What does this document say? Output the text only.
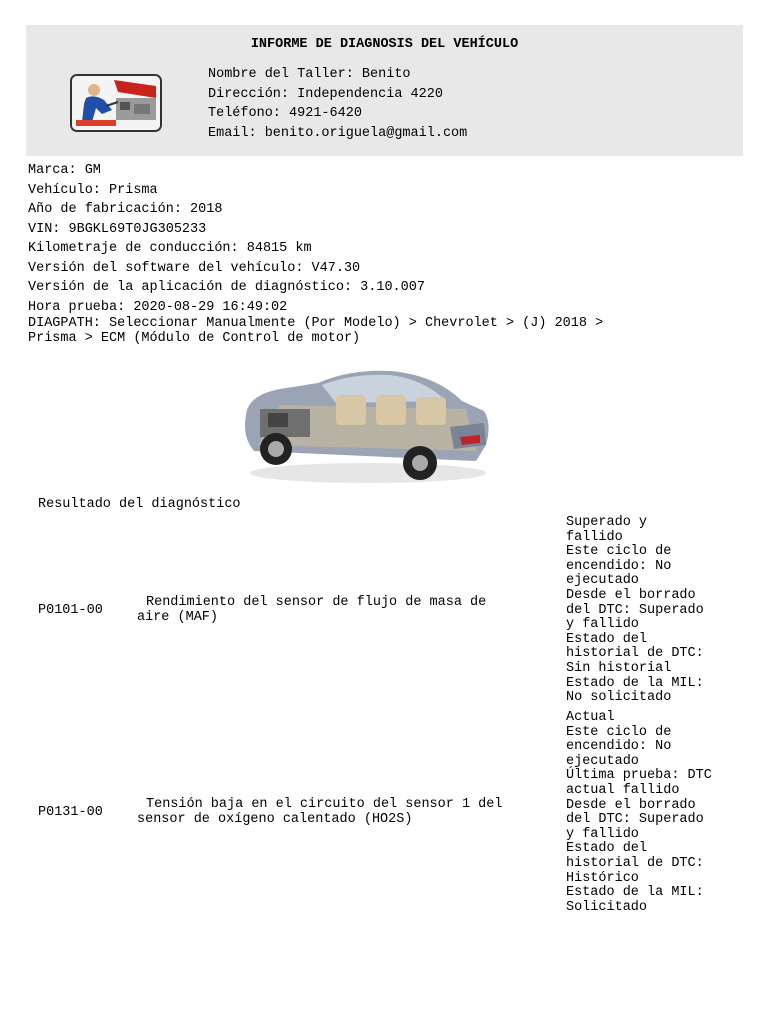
INFORME DE DIAGNOSIS DEL VEHÍCULO
Nombre del Taller: Benito
Dirección: Independencia 4220
Teléfono: 4921-6420
Email: benito.origuela@gmail.com
Marca: GM
Vehículo: Prisma
Año de fabricación: 2018
VIN: 9BGKL69T0JG305233
Kilometraje de conducción: 84815 km
Versión del software del vehículo: V47.30
Versión de la aplicación de diagnóstico: 3.10.007
Hora prueba: 2020-08-29 16:49:02
DIAGPATH: Seleccionar Manualmente (Por Modelo) > Chevrolet > (J) 2018 >
Prisma > ECM (Módulo de Control de motor)
Resultado del diagnóstico
P0101-00
Rendimiento del sensor de flujo de masa de
aire (MAF)
Superado y
fallido
Este ciclo de
encendido: No
ejecutado
Desde el borrado
del DTC: Superado
y fallido
Estado del
historial de DTC:
Sin historial
Estado de la MIL:
No solicitado
P0131-00
Tensión baja en el circuito del sensor 1 del
sensor de oxígeno calentado (HO2S)
Actual
Este ciclo de
encendido: No
ejecutado
Última prueba: DTC
actual fallido
Desde el borrado
del DTC: Superado
y fallido
Estado del
historial de DTC:
Histórico
Estado de la MIL:
Solicitado
